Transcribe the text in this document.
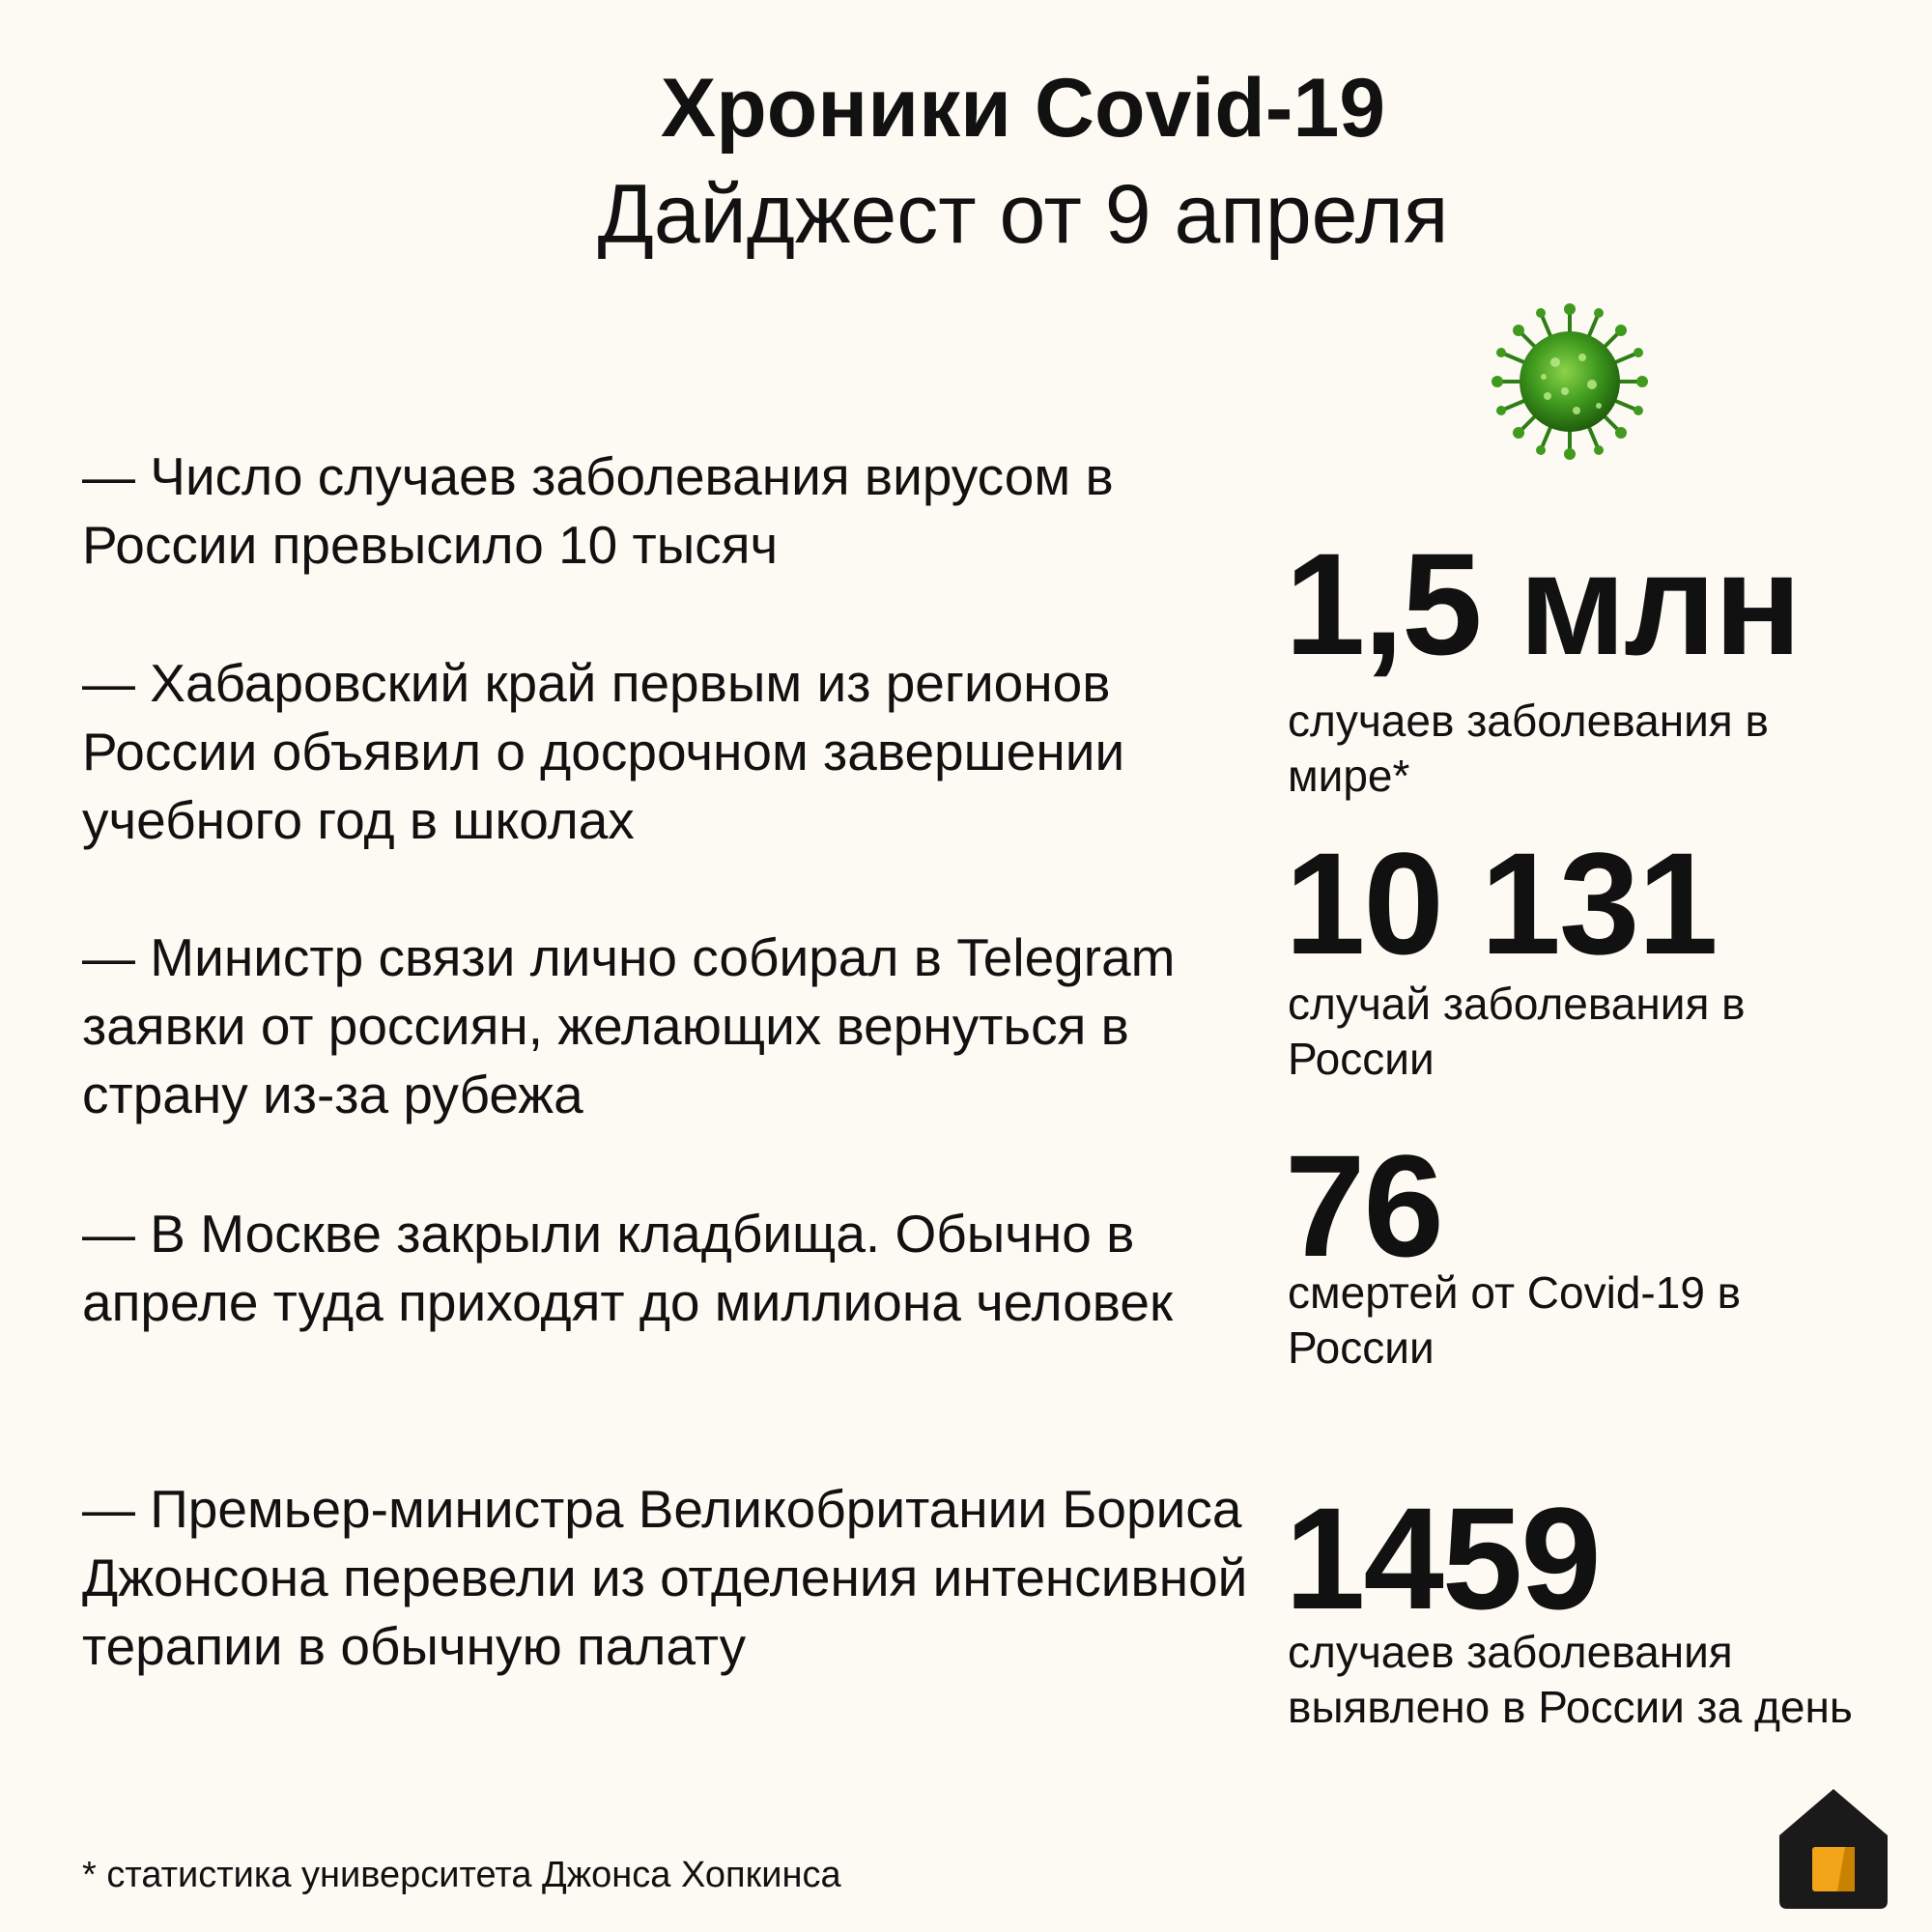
Хроники Covid-19
Дайджест от 9 апреля

— Число случаев заболевания вирусом в России превысило 10 тысяч

— Хабаровский край первым из регионов России объявил о досрочном завершении учебного год в школах

— Министр связи лично собирал в Telegram заявки от россиян, желающих вернуться в страну из-за рубежа

— В Москве закрыли кладбища. Обычно в апреле туда приходят до миллиона человек

— Премьер-министра Великобритании Бориса Джонсона перевели из отделения интенсивной терапии в обычную палату

1,5 млн

случаев заболевания в мире*

10 131

случай заболевания в России

76

смертей от Covid-19 в России

1459

случаев заболевания выявлено в России за день

* статистика университета Джонса Хопкинса
